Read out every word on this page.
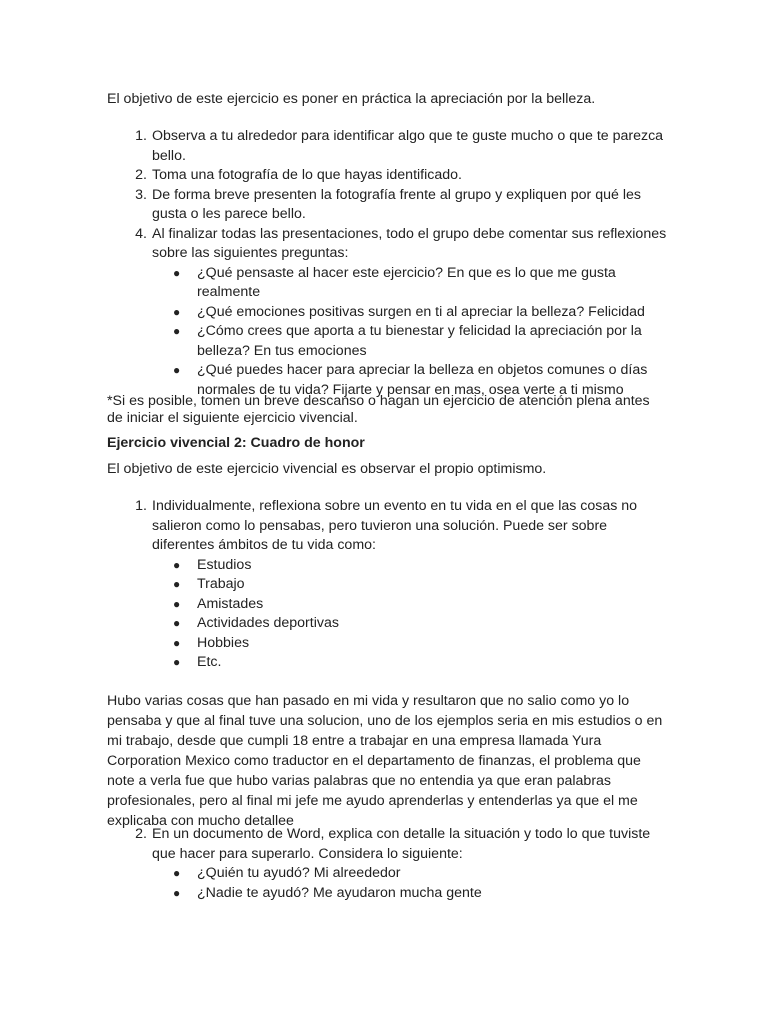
El objetivo de este ejercicio es poner en práctica la apreciación por la belleza.

1. Observa a tu alrededor para identificar algo que te guste mucho o que te parezca bello.
2. Toma una fotografía de lo que hayas identificado.
3. De forma breve presenten la fotografía frente al grupo y expliquen por qué les gusta o les parece bello.
4. Al finalizar todas las presentaciones, todo el grupo debe comentar sus reflexiones sobre las siguientes preguntas:
● ¿Qué pensaste al hacer este ejercicio? En que es lo que me gusta realmente
● ¿Qué emociones positivas surgen en ti al apreciar la belleza? Felicidad
● ¿Cómo crees que aporta a tu bienestar y felicidad la apreciación por la belleza? En tus emociones
● ¿Qué puedes hacer para apreciar la belleza en objetos comunes o días normales de tu vida? Fijarte y pensar en mas, osea verte a ti mismo

*Si es posible, tomen un breve descanso o hagan un ejercicio de atención plena antes de iniciar el siguiente ejercicio vivencial.

Ejercicio vivencial 2: Cuadro de honor

El objetivo de este ejercicio vivencial es observar el propio optimismo.

1. Individualmente, reflexiona sobre un evento en tu vida en el que las cosas no salieron como lo pensabas, pero tuvieron una solución. Puede ser sobre diferentes ámbitos de tu vida como:
● Estudios
● Trabajo
● Amistades
● Actividades deportivas
● Hobbies
● Etc.

Hubo varias cosas que han pasado en mi vida y resultaron que no salio como yo lo pensaba y que al final tuve una solucion, uno de los ejemplos seria en mis estudios o en mi trabajo, desde que cumpli 18 entre a trabajar en una empresa llamada Yura Corporation Mexico como traductor en el departamento de finanzas, el problema que note a verla fue que hubo varias palabras que no entendia ya que eran palabras profesionales, pero al final mi jefe me ayudo aprenderlas y entenderlas ya que el me explicaba con mucho detallee

2. En un documento de Word, explica con detalle la situación y todo lo que tuviste que hacer para superarlo. Considera lo siguiente:
● ¿Quién tu ayudó? Mi alreededor
● ¿Nadie te ayudó? Me ayudaron mucha gente
